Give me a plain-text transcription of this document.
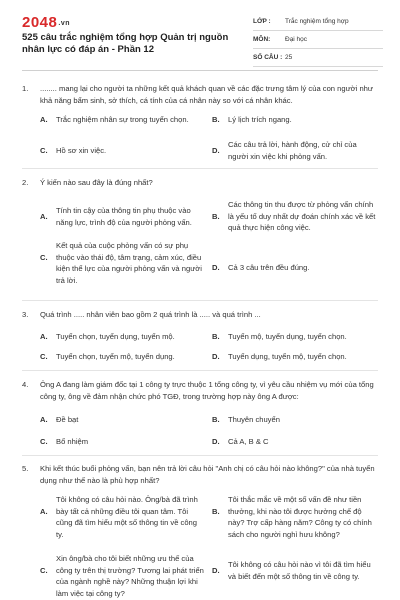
2048.vn
525 câu trắc nghiệm tổng hợp Quản trị nguồn nhân lực có đáp án - Phần 12
LỚP : Trắc nghiệm tổng hợp
MÔN: Đại học
SỐ CÂU : 25
1. ........ mang lại cho người ta những kết quả khách quan về các đặc trưng tâm lý của con người như khả năng bẩm sinh, sở thích, cá tính của cá nhân này so với cá nhân khác.
A. Trắc nghiệm nhân sự trong tuyển chọn.	B. Lý lịch trích ngang.
C. Hồ sơ xin việc.	D.
Các câu trả lời, hành động, cử chỉ của người xin việc khi phỏng vấn.
2. Ý kiến nào sau đây là đúng nhất?
A.
Tính tin cậy của thông tin phụ thuộc vào năng lực, trình độ của người phỏng vấn.
B.
Các thông tin thu được từ phỏng vấn chính là yếu tố duy nhất dự đoán chính xác về kết quả thực hiện công việc.
C.
Kết quả của cuộc phỏng vấn có sự phụ thuộc vào thái độ, tâm trạng, cảm xúc, điều kiện thể lực của người phỏng vấn và người trả lời.
D. Cả 3 câu trên đều đúng.
3. Quá trình ..... nhân viên bao gồm 2 quá trình là ..... và quá trình ...
A. Tuyển chọn, tuyển dụng, tuyển mộ.	B. Tuyển mộ, tuyển dụng, tuyển chọn.
C. Tuyển chọn, tuyển mộ, tuyển dụng.	D. Tuyển dụng, tuyển mộ, tuyển chọn.
4. Ông A đang làm giám đốc tại 1 công ty trực thuộc 1 tổng công ty, vì yêu cầu nhiệm vụ mới của tổng công ty, ông về đảm nhận chức phó TGĐ, trong trường hợp này ông A được:
A. Đề bạt	B. Thuyên chuyển
C. Bổ nhiệm	D. Cả A, B & C
5. Khi kết thúc buổi phỏng vấn, bạn nên trả lời câu hỏi "Anh chị có câu hỏi nào không?" của nhà tuyển dụng như thế nào là phù hợp nhất?
A.
Tôi không có câu hỏi nào. Ông/bà đã trình bày tất cả những điều tôi quan tâm. Tôi cũng đã tìm hiểu một số thông tin về công ty.
B.
Tôi thắc mắc về một số vấn đề như tiền thưởng, khi nào tôi được hưởng chế độ này? Trợ cấp hàng năm? Công ty có chính sách cho người nghỉ hưu không?
C.
Xin ông/bà cho tôi biết những ưu thế của công ty trên thị trường? Tương lai phát triển của ngành nghề này? Những thuận lợi khi làm việc tại công ty?
D.
Tôi không có câu hỏi nào vì tôi đã tìm hiểu và biết đến một số thông tin về công ty.
